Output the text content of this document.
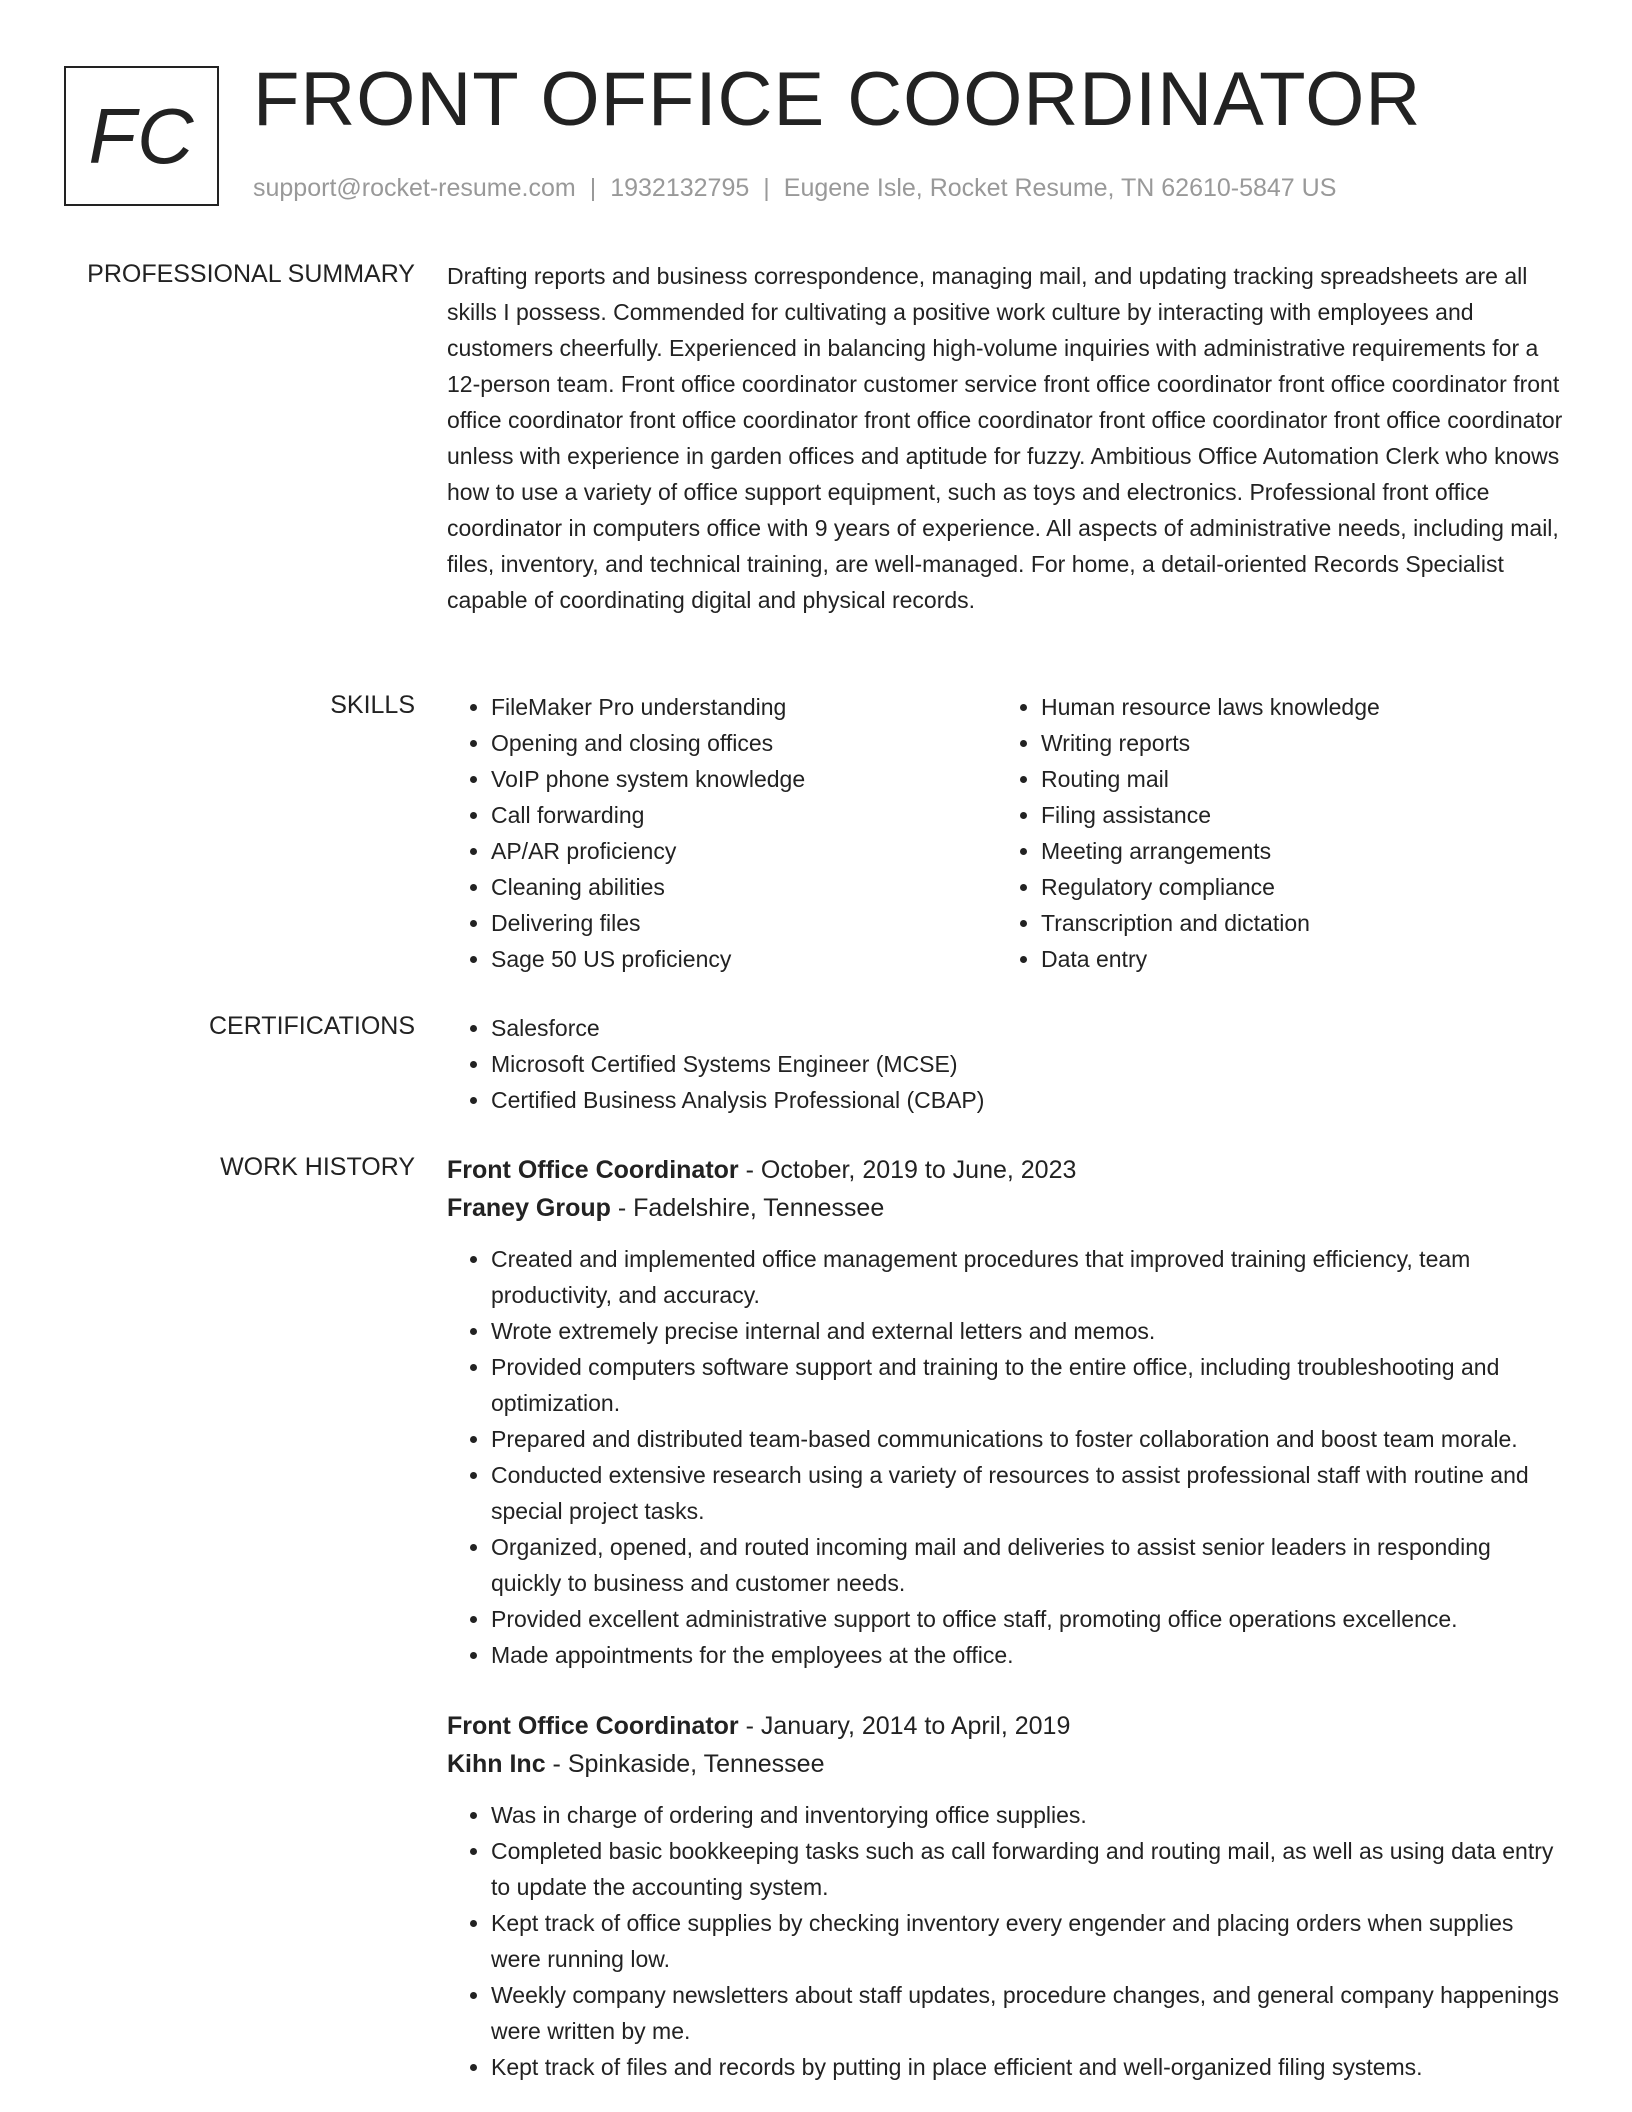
FC FRONT OFFICE COORDINATOR
support@rocket-resume.com | 1932132795 | Eugene Isle, Rocket Resume, TN 62610-5847 US
PROFESSIONAL SUMMARY Drafting reports and business correspondence, managing mail, and updating tracking spreadsheets are all skills I possess. Commended for cultivating a positive work culture by interacting with employees and customers cheerfully. Experienced in balancing high-volume inquiries with administrative requirements for a 12-person team. Front office coordinator customer service front office coordinator front office coordinator front office coordinator front office coordinator front office coordinator front office coordinator front office coordinator unless with experience in garden offices and aptitude for fuzzy. Ambitious Office Automation Clerk who knows how to use a variety of office support equipment, such as toys and electronics. Professional front office coordinator in computers office with 9 years of experience. All aspects of administrative needs, including mail, files, inventory, and technical training, are well-managed. For home, a detail-oriented Records Specialist capable of coordinating digital and physical records.

SKILLS	• FileMaker Pro understanding
• Opening and closing offices
• VoIP phone system knowledge
• Call forwarding
• AP/AR proficiency
• Cleaning abilities
• Delivering files
• Sage 50 US proficiency
• Human resource laws knowledge
• Writing reports
• Routing mail
• Filing assistance
• Meeting arrangements
• Regulatory compliance
• Transcription and dictation
• Data entry
CERTIFICATIONS	• Salesforce
• Microsoft Certified Systems Engineer (MCSE)
• Certified Business Analysis Professional (CBAP)
WORK HISTORY Front Office Coordinator - October, 2019 to June, 2023
Franey Group - Fadelshire, Tennessee
• Created and implemented office management procedures that improved training efficiency, team productivity, and accuracy.
• Wrote extremely precise internal and external letters and memos.
• Provided computers software support and training to the entire office, including troubleshooting and optimization.
• Prepared and distributed team-based communications to foster collaboration and boost team morale.
• Conducted extensive research using a variety of resources to assist professional staff with routine and special project tasks.
• Organized, opened, and routed incoming mail and deliveries to assist senior leaders in responding quickly to business and customer needs.
• Provided excellent administrative support to office staff, promoting office operations excellence.
• Made appointments for the employees at the office.
Front Office Coordinator - January, 2014 to April, 2019
Kihn Inc - Spinkaside, Tennessee
• Was in charge of ordering and inventorying office supplies.
• Completed basic bookkeeping tasks such as call forwarding and routing mail, as well as using data entry to update the accounting system.
• Kept track of office supplies by checking inventory every engender and placing orders when supplies were running low.
• Weekly company newsletters about staff updates, procedure changes, and general company happenings were written by me.
• Kept track of files and records by putting in place efficient and well-organized filing systems.
